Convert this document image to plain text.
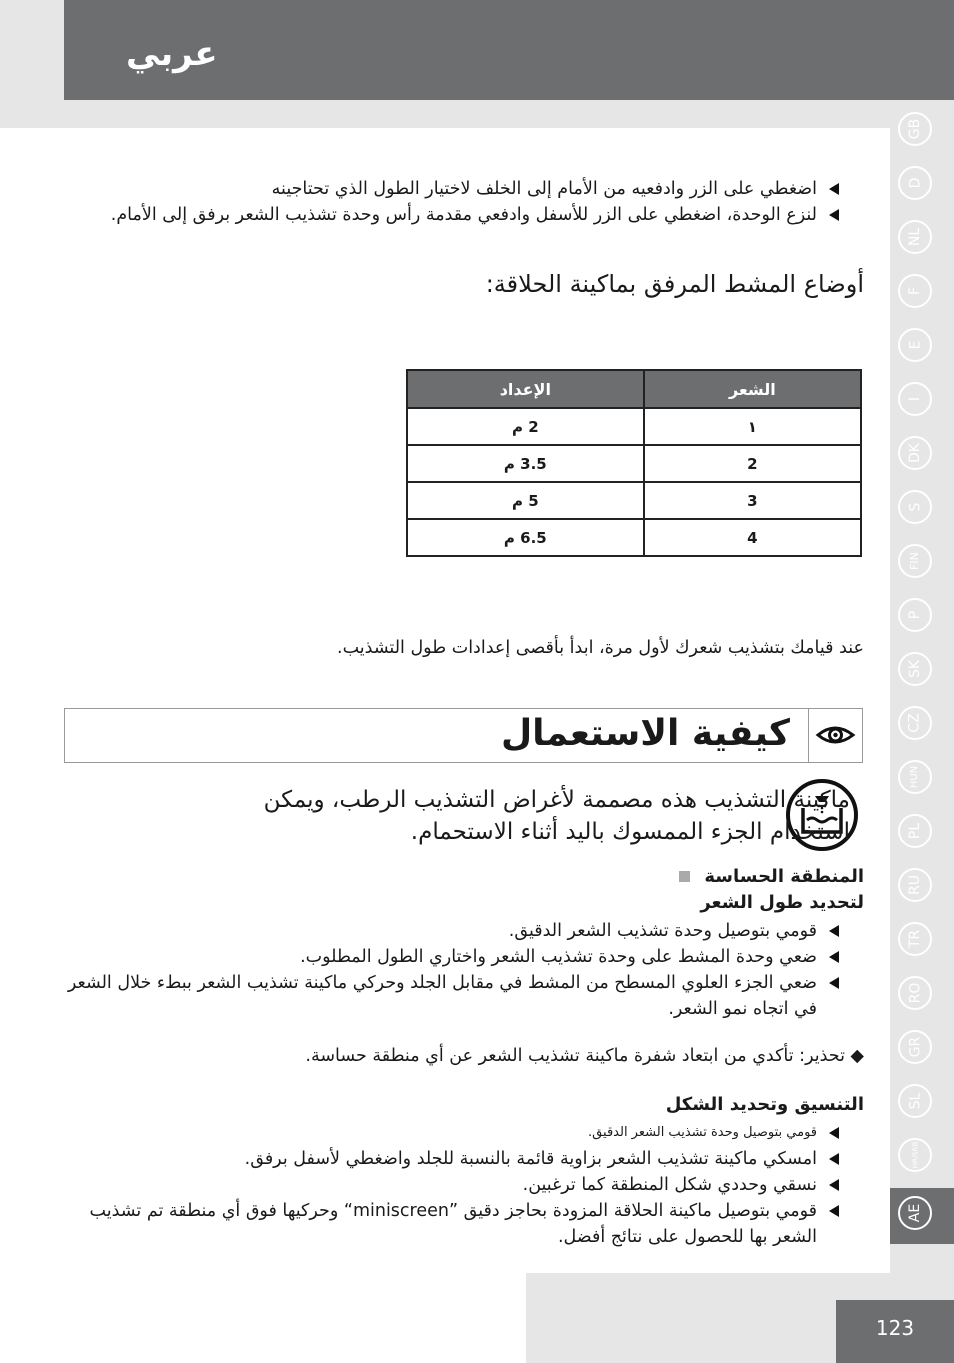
عربي
اضغطي على الزر وادفعيه من الأمام إلى الخلف لاختيار الطول الذي تحتاجينه
لنزع الوحدة، اضغطي على الزر للأسفل وادفعي مقدمة رأس وحدة تشذيب الشعر برفق إلى الأمام.
أوضاع المشط المرفق بماكينة الحلاقة:
الشعر	الإعداد
١	2 م
2	3.5 م
3	5 م
4	6.5 م
عند قيامك بتشذيب شعرك لأول مرة، ابدأ بأقصى إعدادات طول التشذيب.
كيفية الاستعمال
ماكينة التشذيب هذه مصممة لأغراض التشذيب الرطب، ويمكن استخدام الجزء الممسوك باليد أثناء الاستحمام.
المنطقة الحساسة
لتحديد طول الشعر
قومي بتوصيل وحدة تشذيب الشعر الدقيق.
ضعي وحدة المشط على وحدة تشذيب الشعر واختاري الطول المطلوب.
ضعي الجزء العلوي المسطح من المشط في مقابل الجلد وحركي ماكينة تشذيب الشعر ببطء خلال الشعر في اتجاه نمو الشعر.
◆ تحذير: تأكدي من ابتعاد شفرة ماكينة تشذيب الشعر عن أي منطقة حساسة.
التنسيق وتحديد الشكل
قومي بتوصيل وحدة تشذيب الشعر الدقيق.
امسكي ماكينة تشذيب الشعر بزاوية قائمة بالنسبة للجلد واضغطي لأسفل برفق.
نسقي وحددي شكل المنطقة كما ترغبين.
قومي بتوصيل ماكينة الحلاقة المزودة بحاجز دقيق ”miniscreen“ وحركيها فوق أي منطقة تم تشذيب الشعر بها للحصول على نتائج أفضل.
GB
D
NL
F
E
I
DK
S
FIN
P
SK
CZ
HUN
PL
RU
TR
RO
GR
SL
HR/SRB
AE
123
